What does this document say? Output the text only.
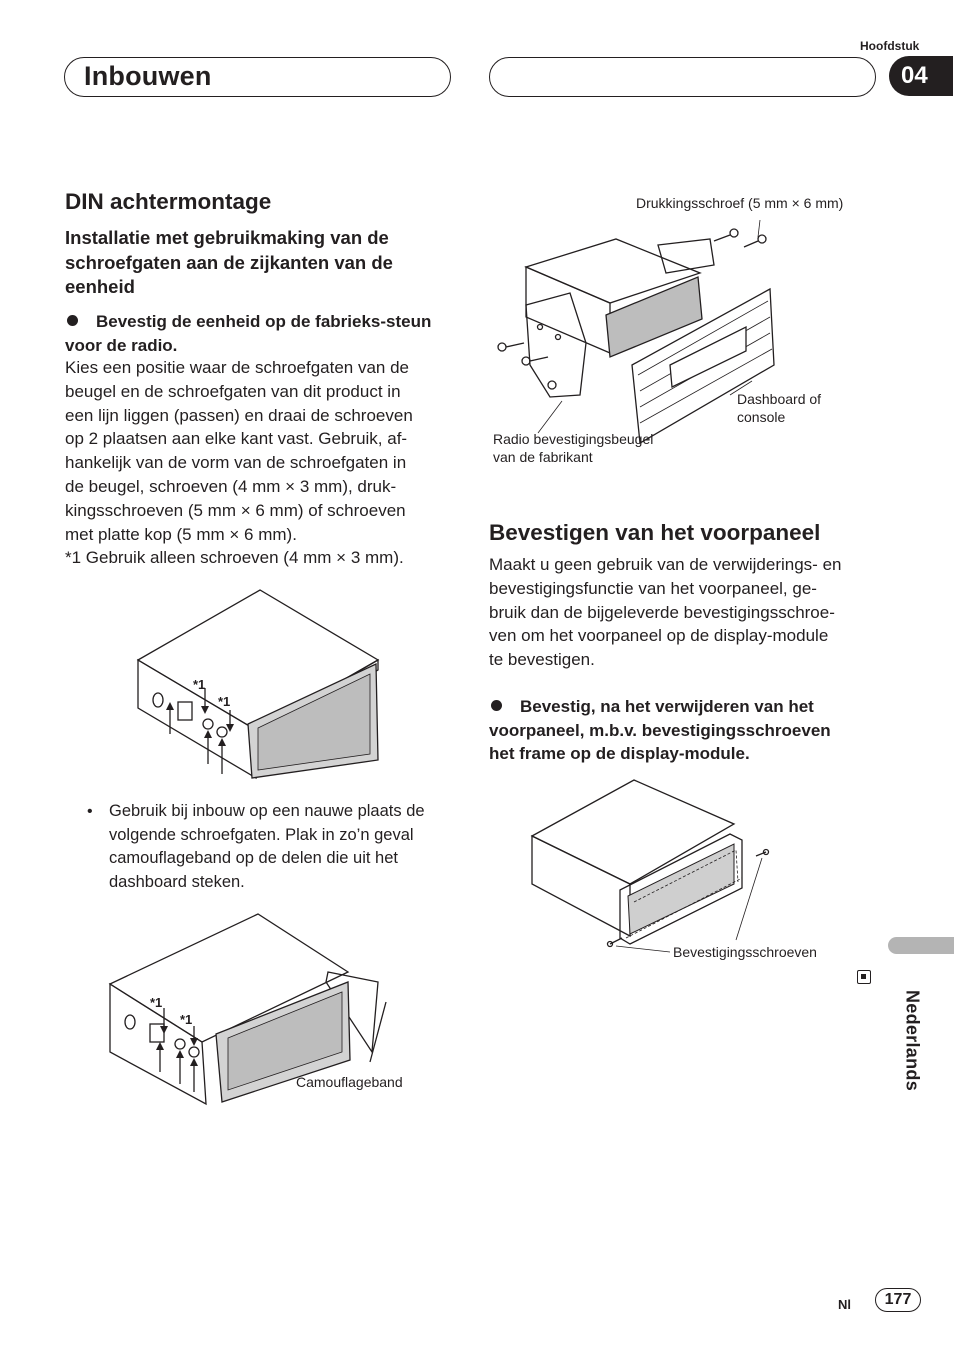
Inbouwen
Hoofdstuk
04
DIN achtermontage
Installatie met gebruikmaking van de schroefgaten aan de zijkanten van de eenheid
Bevestig de eenheid op de fabrieks-steun voor de radio.

Kies een positie waar de schroefgaten van de

beugel en de schroefgaten van dit product in

een lijn liggen (passen) en draai de schroeven

op 2 plaatsen aan elke kant vast. Gebruik, af-

hankelijk van de vorm van de schroefgaten in

de beugel, schroeven (4 mm × 3 mm), druk-

kingsschroeven (5 mm × 6 mm) of schroeven

met platte kop (5 mm × 6 mm).

*1 Gebruik alleen schroeven (4 mm × 3 mm).

*1
*1
• Gebruik bij inbouw op een nauwe plaats de
volgende schroefgaten. Plak in zo’n geval
camouflageband op de delen die uit het
dashboard steken.
*1
*1
Camouflageband
Drukkingsschroef (5 mm × 6 mm)
Dashboard of
console
Radio bevestigingsbeugel
van de fabrikant
Bevestigen van het voorpaneel

Maakt u geen gebruik van de verwijderings- en

bevestigingsfunctie van het voorpaneel, ge-

bruik dan de bijgeleverde bevestigingsschroe-

ven om het voorpaneel op de display-module

te bevestigen.

Bevestig, na het verwijderen van het
voorpaneel, m.b.v. bevestigingsschroeven
het frame op de display-module.
Bevestigingsschroeven
Nederlands
Nl	177
